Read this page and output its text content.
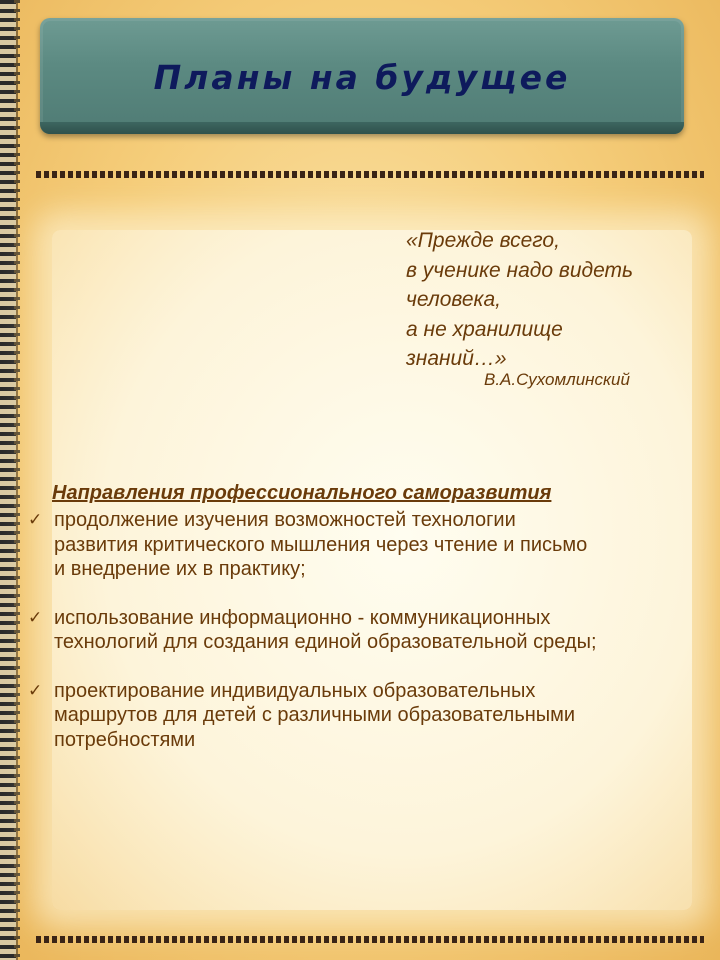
Планы на будущее
«Прежде всего,
в ученике надо видеть
человека,
а не хранилище
знаний…»
В.А.Сухомлинский
Направления профессионального саморазвития
✓ продолжение изучения возможностей технологии
развития критического мышления через чтение и письмо
и внедрение их в практику;
✓ использование информационно - коммуникационных
технологий для создания единой образовательной среды;
✓ проектирование индивидуальных образовательных
маршрутов для детей с различными образовательными
потребностями
